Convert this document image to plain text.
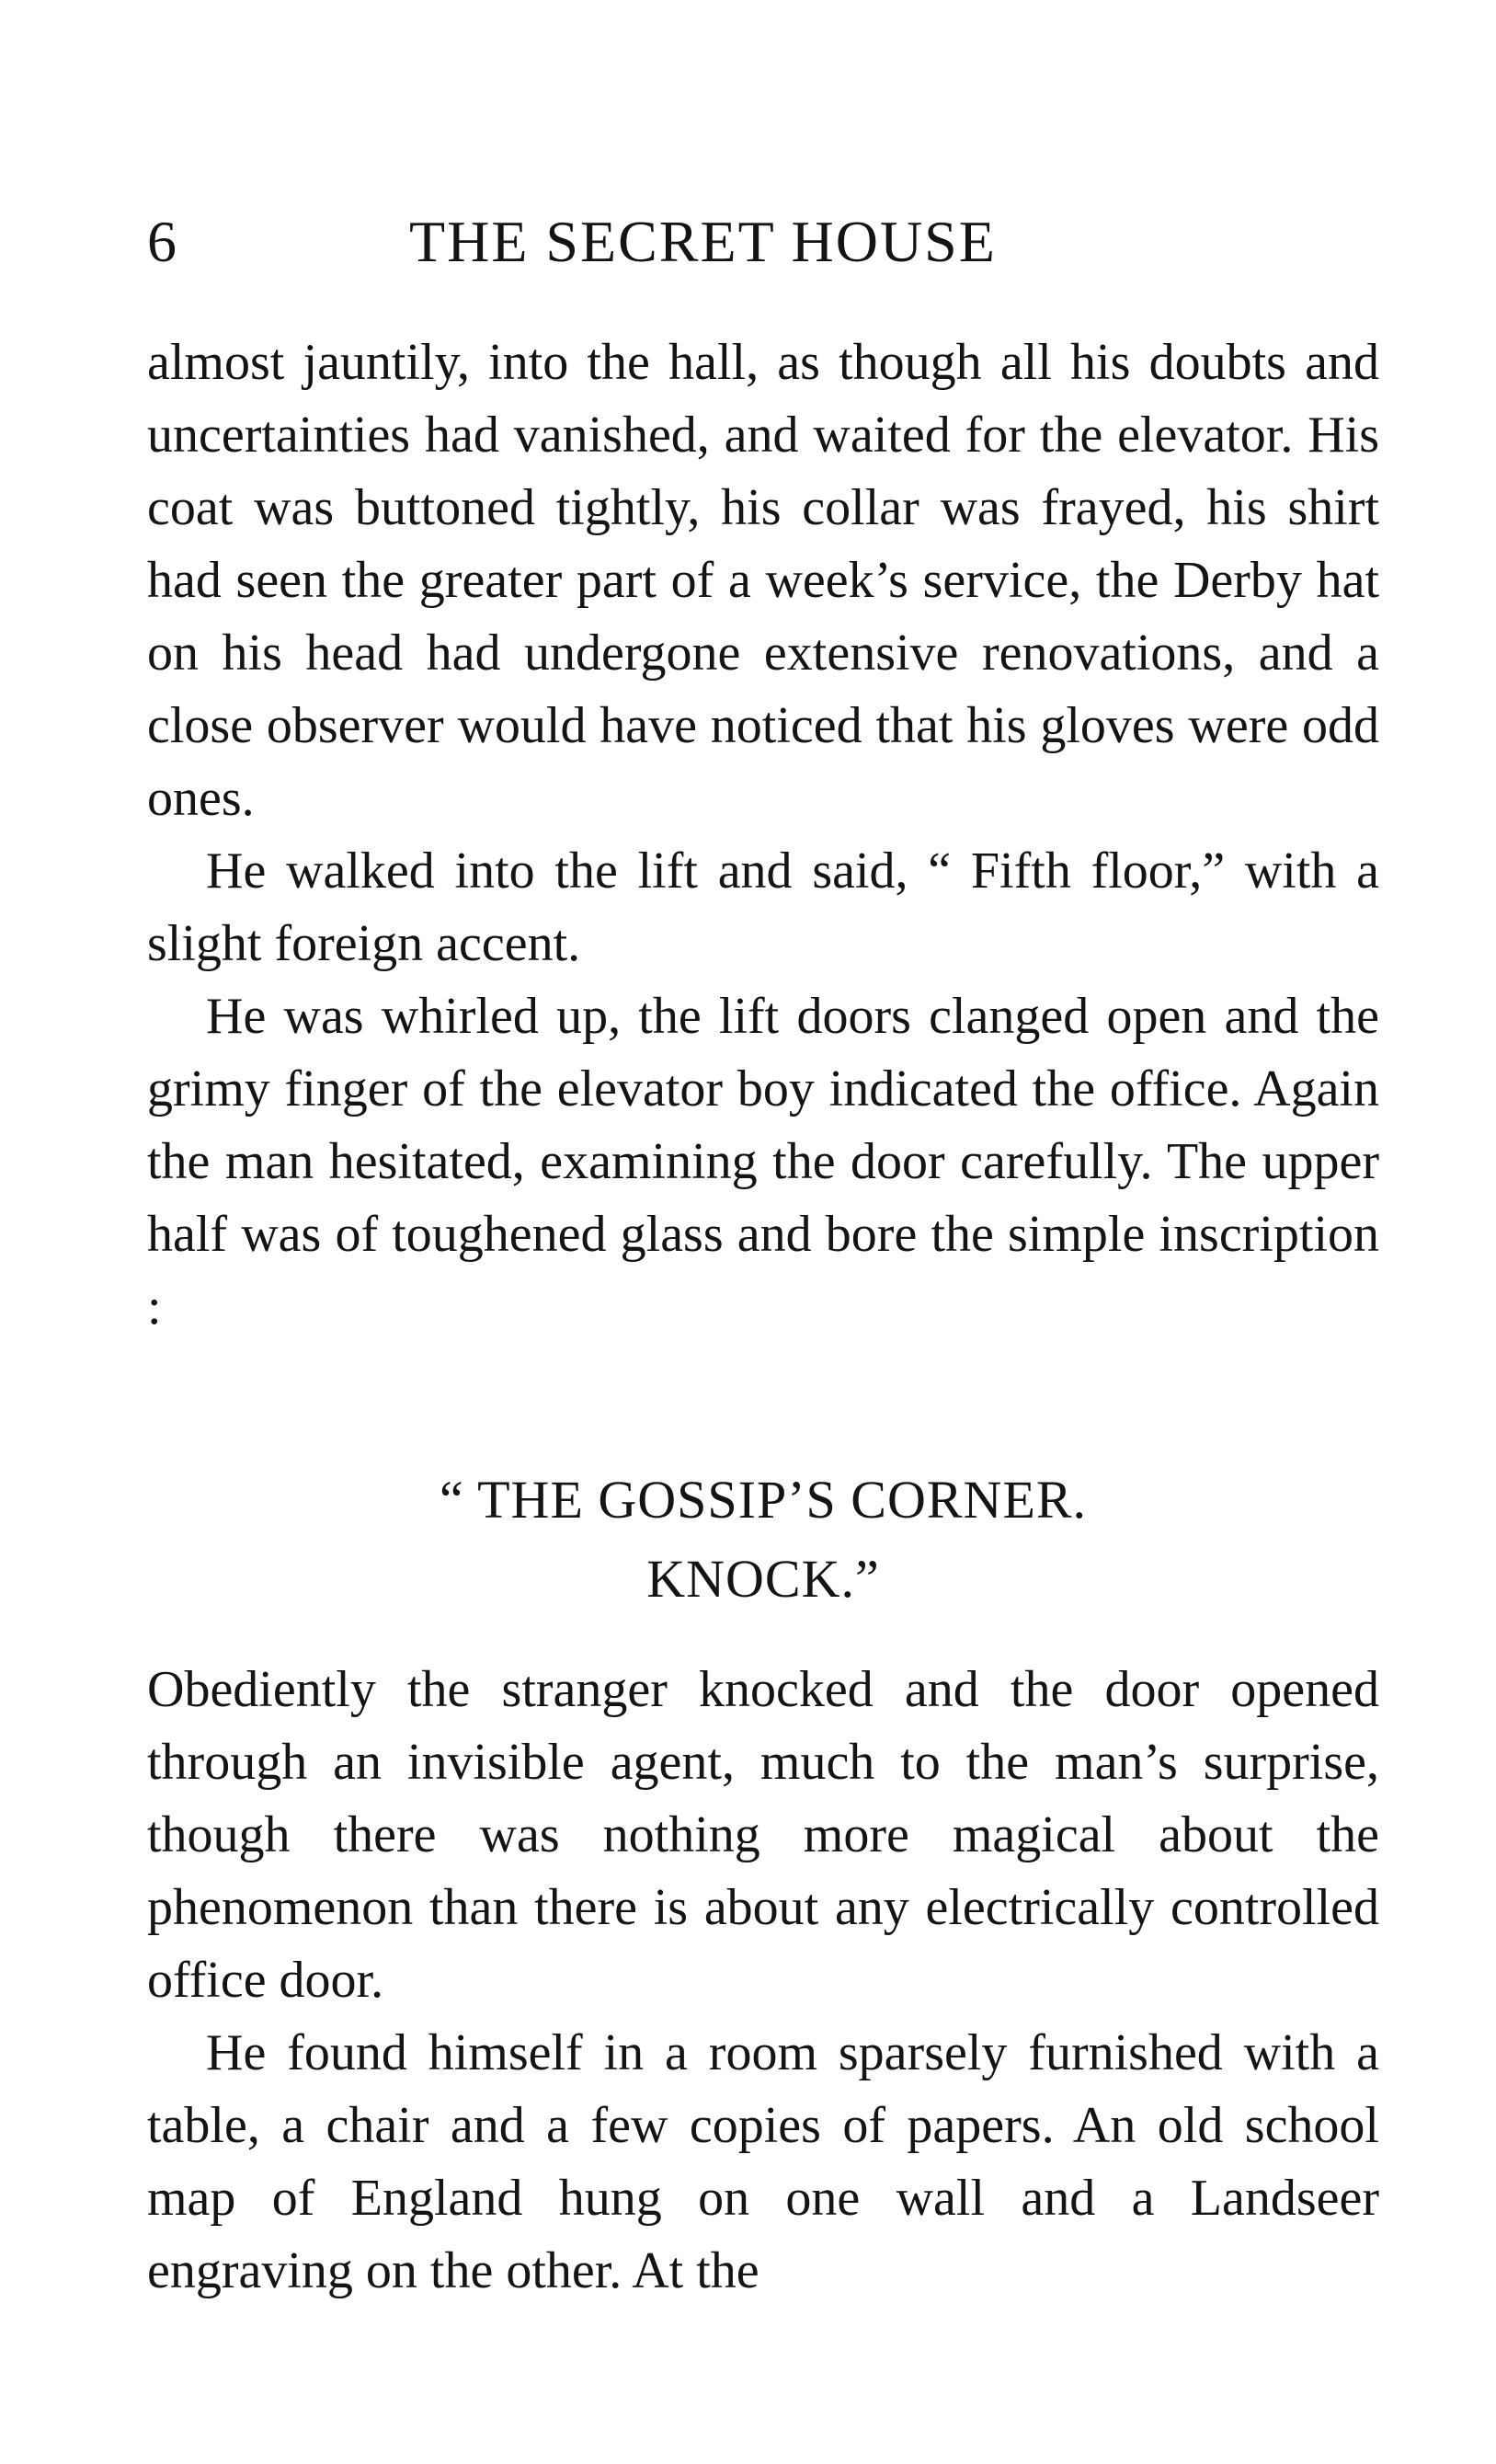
6	THE SECRET HOUSE

almost jauntily, into the hall, as though all his doubts and uncertainties had vanished, and waited for the elevator. His coat was buttoned tightly, his collar was frayed, his shirt had seen the greater part of a week’s service, the Derby hat on his head had undergone extensive renovations, and a close observer would have noticed that his gloves were odd ones.

He walked into the lift and said, “ Fifth floor,” with a slight foreign accent.

He was whirled up, the lift doors clanged open and the grimy finger of the elevator boy indicated the office. Again the man hesitated, examining the door carefully. The upper half was of toughened glass and bore the simple inscription :

“ THE GOSSIP’S CORNER.
KNOCK.”

Obediently the stranger knocked and the door opened through an invisible agent, much to the man’s surprise, though there was nothing more magical about the phenomenon than there is about any electrically controlled office door.

He found himself in a room sparsely furnished with a table, a chair and a few copies of papers. An old school map of England hung on one wall and a Landseer engraving on the other. At the
